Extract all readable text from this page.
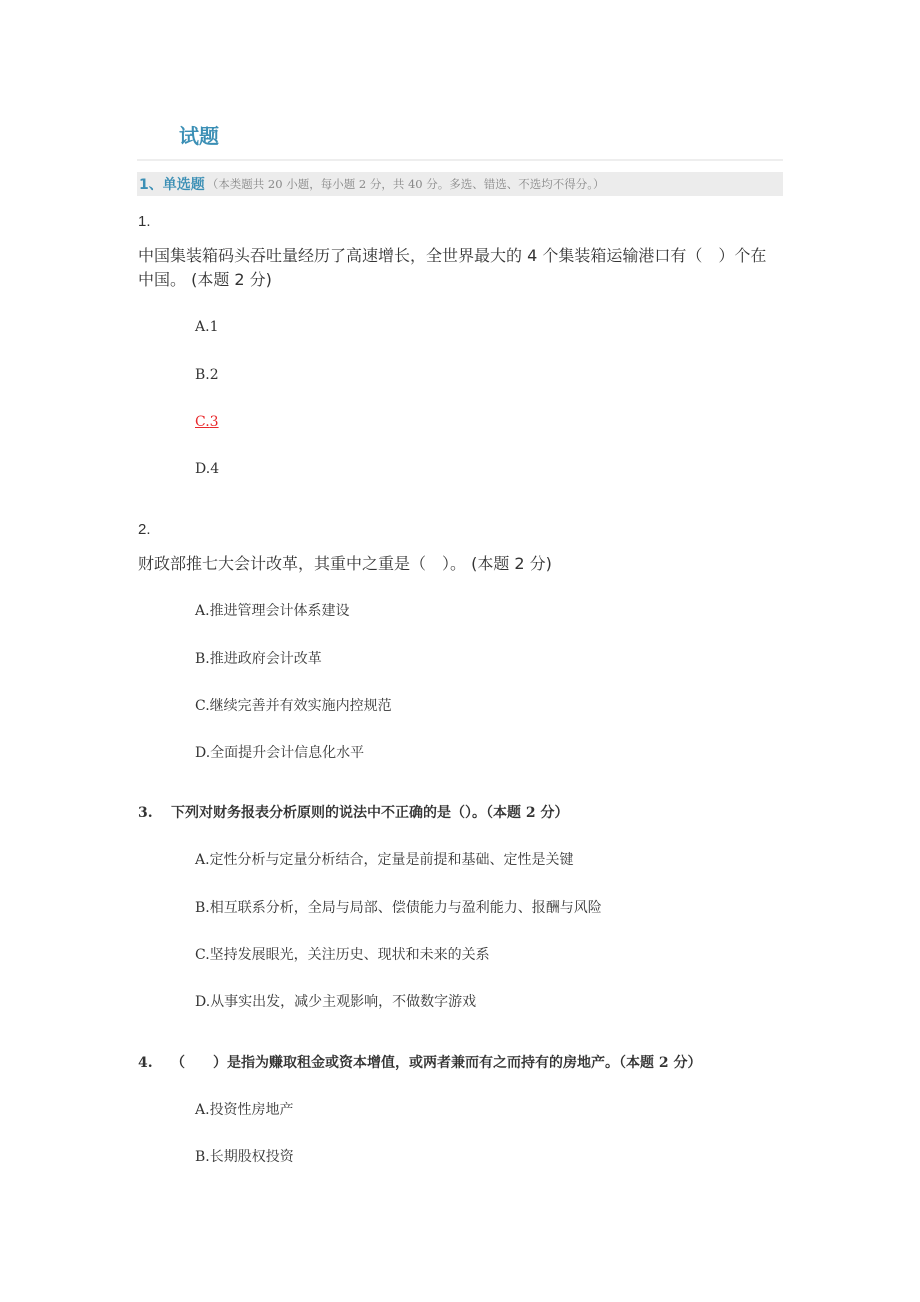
试题
1、单选题 （本类题共 20 小题，每小题 2 分，共 40 分。多选、错选、不选均不得分。）
1.
中国集装箱码头吞吐量经历了高速增长，全世界最大的 4 个集装箱运输港口有（　）个在中国。 (本题 2 分)
A.1
B.2
C.3
D.4
2.
财政部推七大会计改革，其重中之重是（　）。 (本题 2 分)
A.推进管理会计体系建设
B.推进政府会计改革
C.继续完善并有效实施内控规范
D.全面提升会计信息化水平
3. 下列对财务报表分析原则的说法中不正确的是（）。（本题 2 分）
A.定性分析与定量分析结合，定量是前提和基础、定性是关键
B.相互联系分析，全局与局部、偿债能力与盈利能力、报酬与风险
C.坚持发展眼光，关注历史、现状和未来的关系
D.从事实出发，减少主观影响，不做数字游戏
4. （　　）是指为赚取租金或资本增值，或两者兼而有之而持有的房地产。（本题 2 分）
A.投资性房地产
B.长期股权投资
